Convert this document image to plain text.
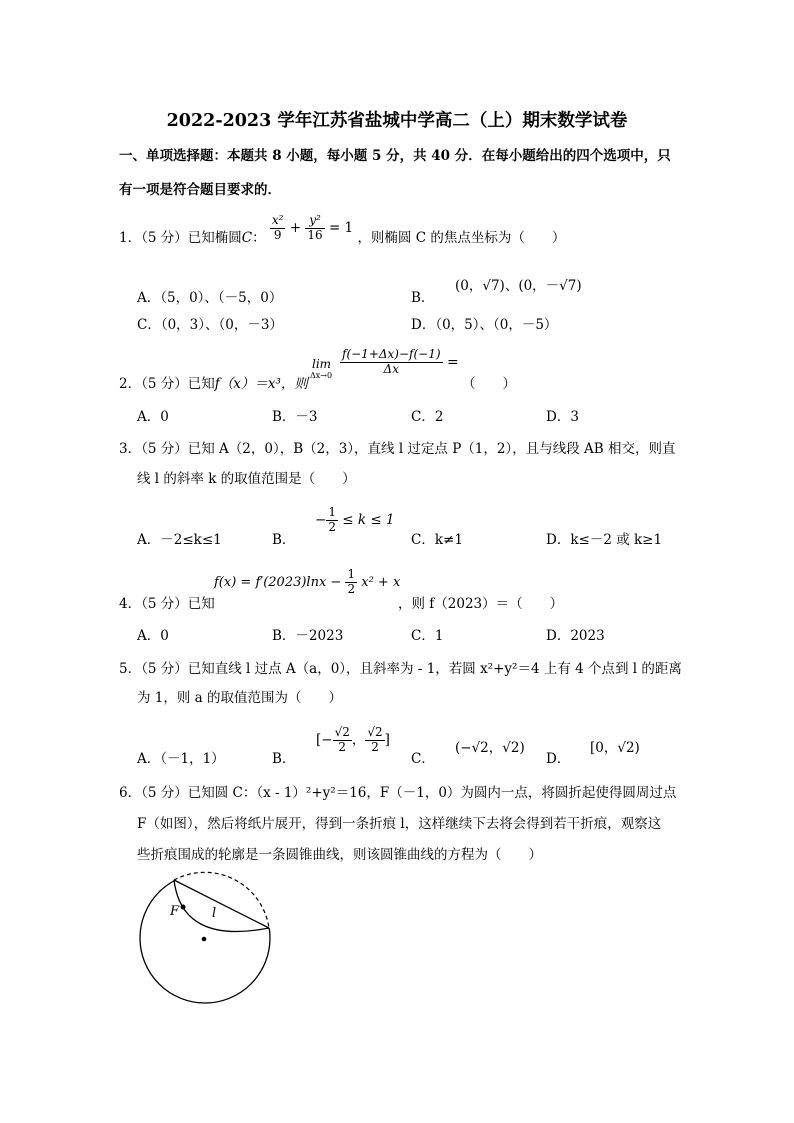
2022-2023 学年江苏省盐城中学高二（上）期末数学试卷
一、单项选择题：本题共 8 小题，每小题 5 分，共 40 分．在每小题给出的四个选项中，只
有一项是符合题目要求的．
1．（5 分）已知椭圆C： $\frac{\text{x²}}{9} + \frac{\text{y²}}{16} = 1$ ，则椭圆 C 的焦点坐标为（　　）
A．（5，0）、（－5，0）	B．
(0，√7)、(0，－√7)
C．（0，3）、（0，－3）	D．（0，5）、（0，－5）
2．（5 分）已知f（x）＝x³，则
lim
$\Delta x\to 0 \frac{f(-1+\Delta x)-f(-1)}{\Delta x}$ =
（　　）
A．0	B．－3	C．2	D．3
3．（5 分）已知 A（2，0），B（2，3），直线 l 过定点 P（1，2），且与线段 AB 相交，则直
线 l 的斜率 k 的取值范围是（　　）
A．－2≤k≤1	B．
− $\frac{1}{2} \le k \le 1$
C．k≠1	D．k≤－2 或 k≥1
4．（5 分）已知
$f(x) = f'(2023)\ln x - \frac{1}{2} x^2 + x$
，则 f（2023）＝（　　）
A．0	B．－2023	C．1	D．2023
5．（5 分）已知直线 l 过点 A（a，0），且斜率为 - 1，若圆 x²+y²＝4 上有 4 个点到 l 的距离
为 1，则 a 的取值范围为（　　）
A．（－1，1）	B．
[− $\frac{√2}{2}$ ， $\frac{√2}{2}$ ]
C．
(−√2，√2)
D．
[0，√2)
6．（5 分）已知圆 C：（x - 1）²+y²＝16，F（－1，0）为圆内一点，将圆折起使得圆周过点
F（如图），然后将纸片展开，得到一条折痕 l，这样继续下去将会得到若干折痕，观察这
些折痕围成的轮廓是一条圆锥曲线，则该圆锥曲线的方程为（　　）
F	l
